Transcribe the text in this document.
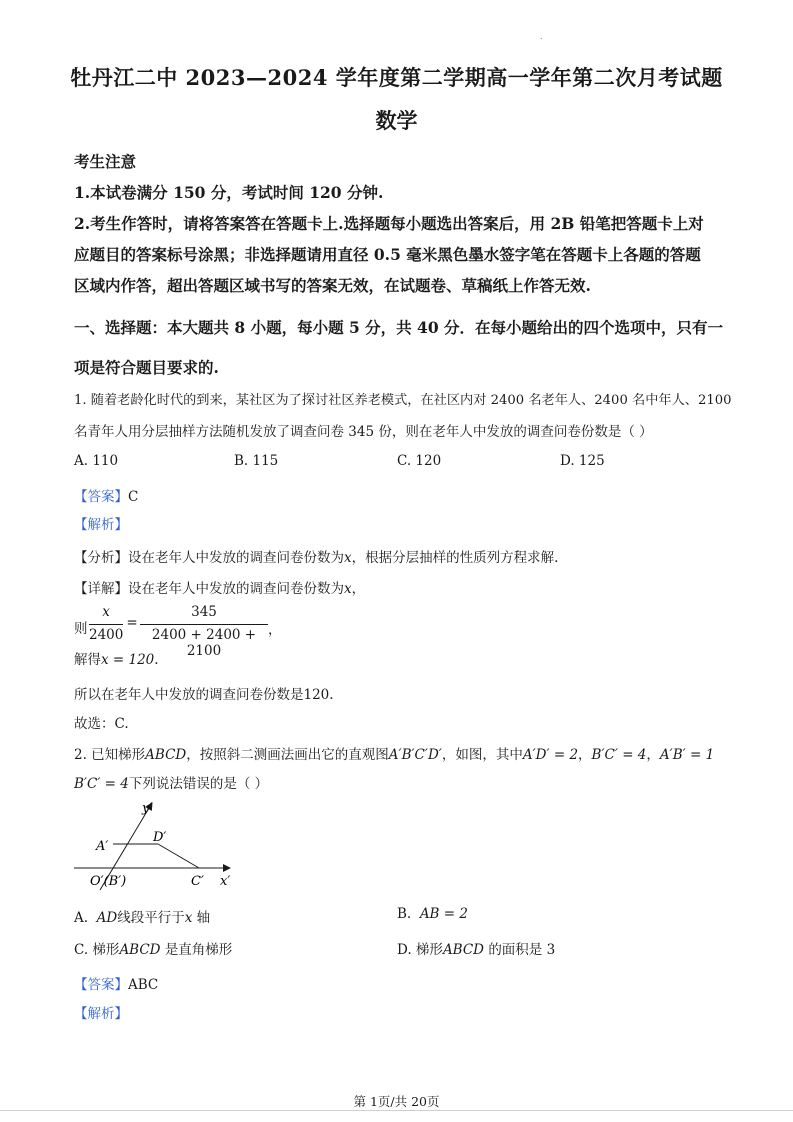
.
牡丹江二中 2023—2024 学年度第二学期高一学年第二次月考试题
数学
考生注意
1.本试卷满分 150 分，考试时间 120 分钟.
2.考生作答时，请将答案答在答题卡上.选择题每小题选出答案后，用 2B 铅笔把答题卡上对
应题目的答案标号涂黑；非选择题请用直径 0.5 毫米黑色墨水签字笔在答题卡上各题的答题
区域内作答，超出答题区域书写的答案无效，在试题卷、草稿纸上作答无效.
一、选择题：本大题共 8 小题，每小题 5 分，共 40 分．在每小题给出的四个选项中，只有一
项是符合题目要求的.
1. 随着老龄化时代的到来，某社区为了探讨社区养老模式，在社区内对 2400 名老年人、2400 名中年人、2100
名青年人用分层抽样方法随机发放了调查问卷 345 份，则在老年人中发放的调查问卷份数是（ ）
A. 110	B. 115	C. 120	D. 125
【答案】C
【解析】
【分析】设在老年人中发放的调查问卷份数为x，根据分层抽样的性质列方程求解.
【详解】设在老年人中发放的调查问卷份数为x，
则
x
2400
=
345
2400 + 2400 + 2100
，
解得x = 120.
所以在老年人中发放的调查问卷份数是120.
故选：C.
2. 已知梯形ABCD，按照斜二测画法画出它的直观图A′B′C′D′，如图，其中A′D′ = 2，B′C′ = 4，A′B′ = 1
B′C′ = 4下列说法错误的是（ ）
y′
x′
A′
D′
O′(B′)	C′
A. AD线段平行于x 轴	B. AB = 2
C. 梯形ABCD 是直角梯形	D. 梯形ABCD 的面积是 3
【答案】ABC
【解析】
第 1页/共 20页
